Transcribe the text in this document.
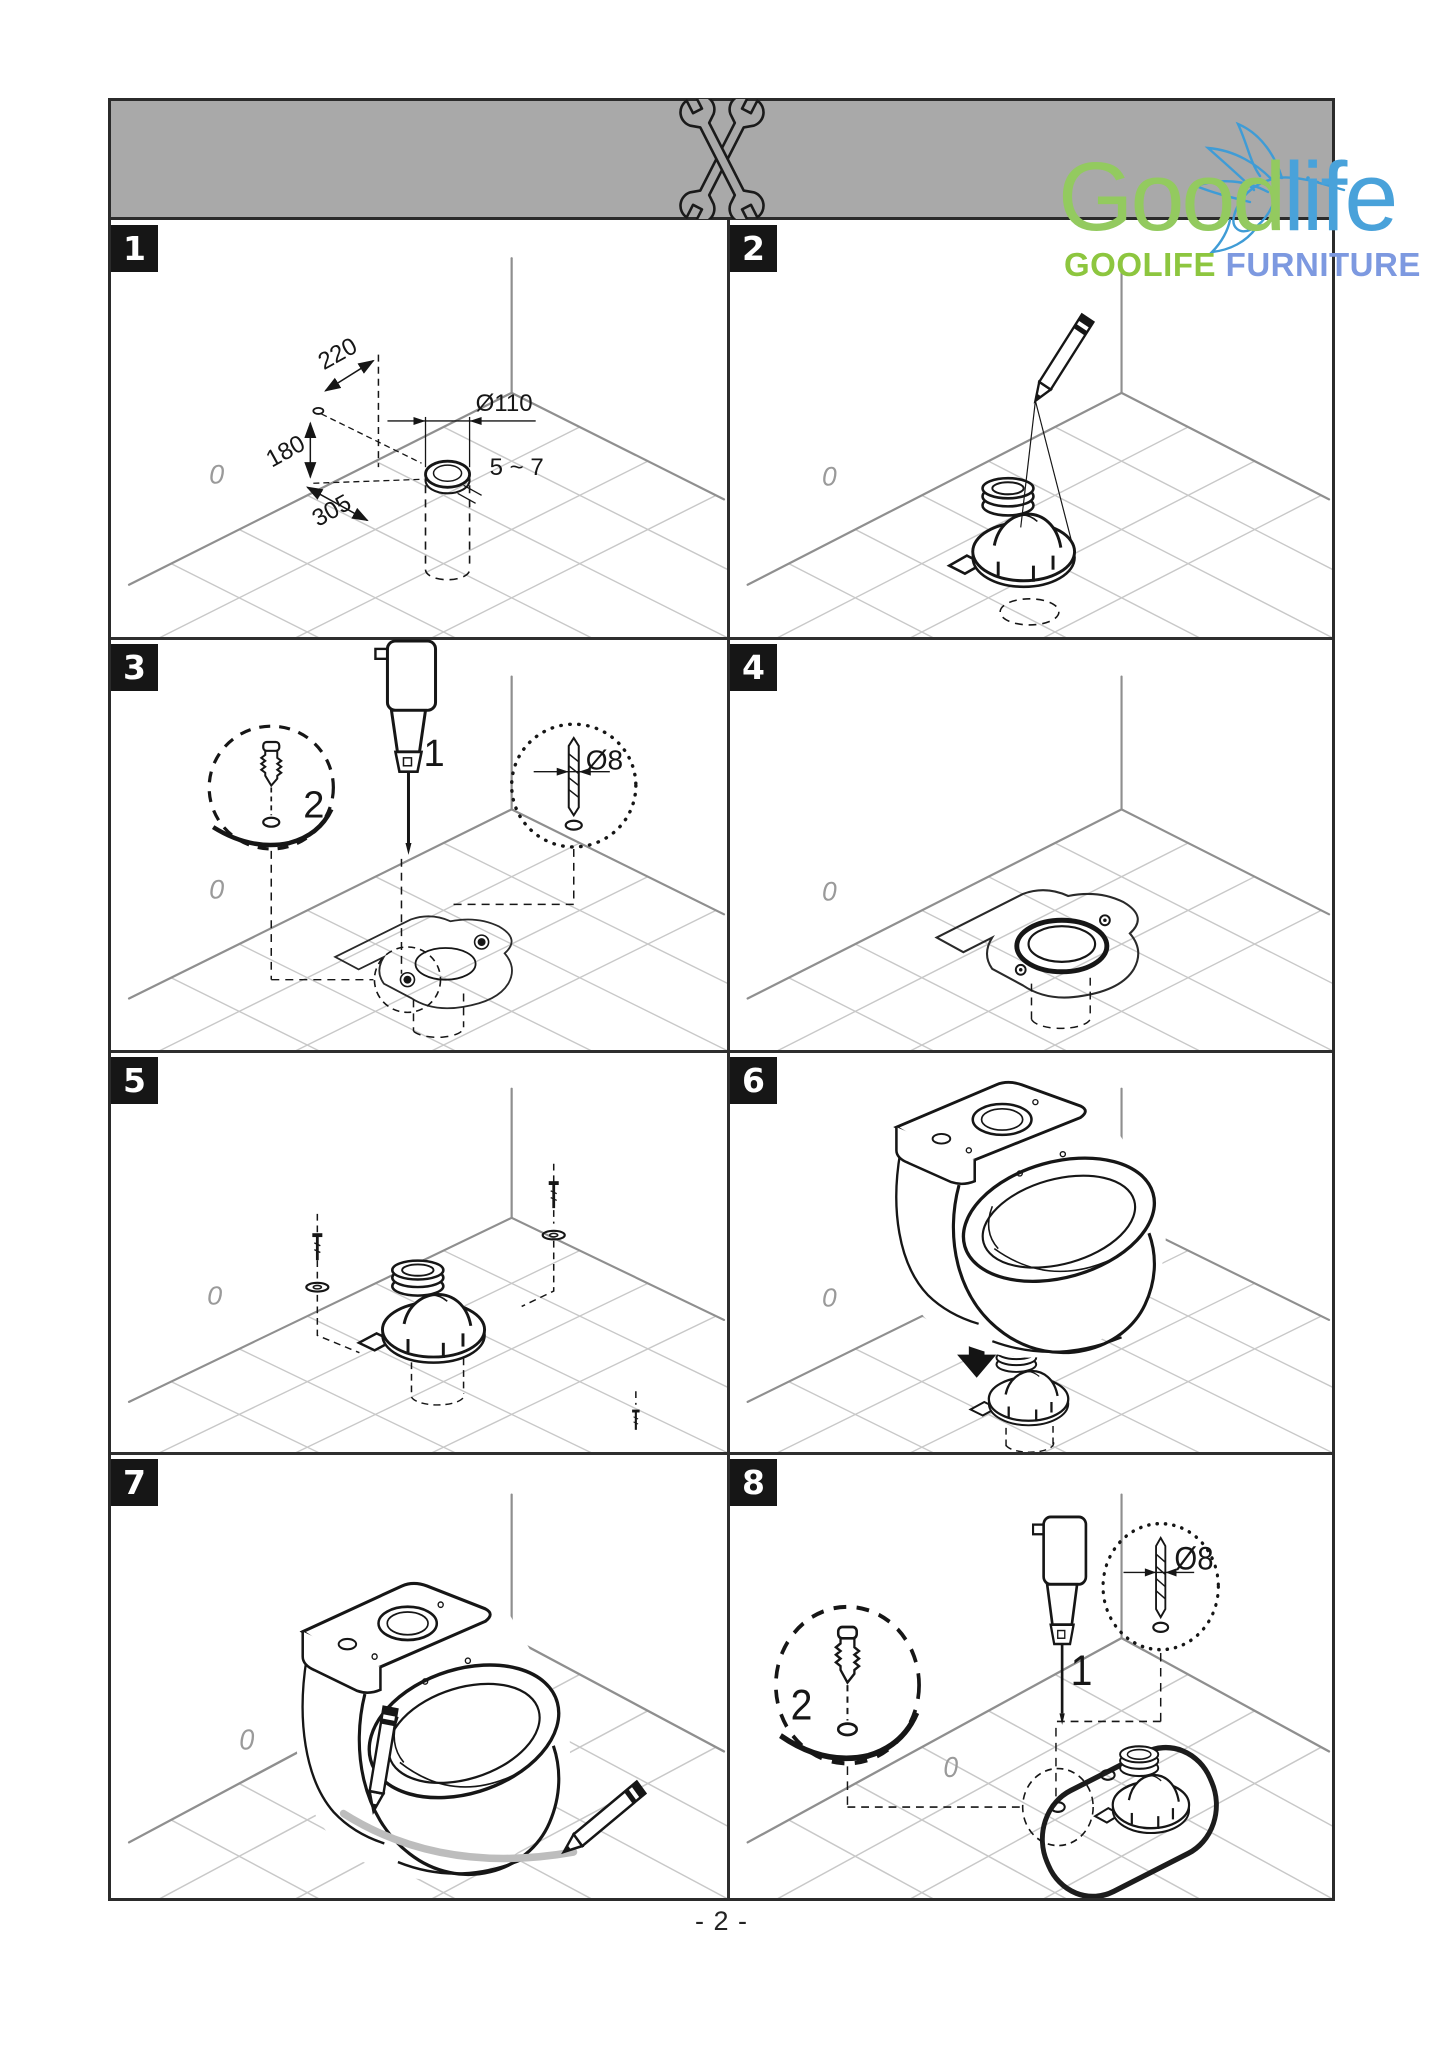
1
0
220
180
305
Ø110
5 ~ 7
2
0
3
0
1
2
Ø8
4
0
5
0
6
0
7
0
8
0
1
2
Ø8
Goodlife
GOOLIFE FURNITURE
- 2 -
